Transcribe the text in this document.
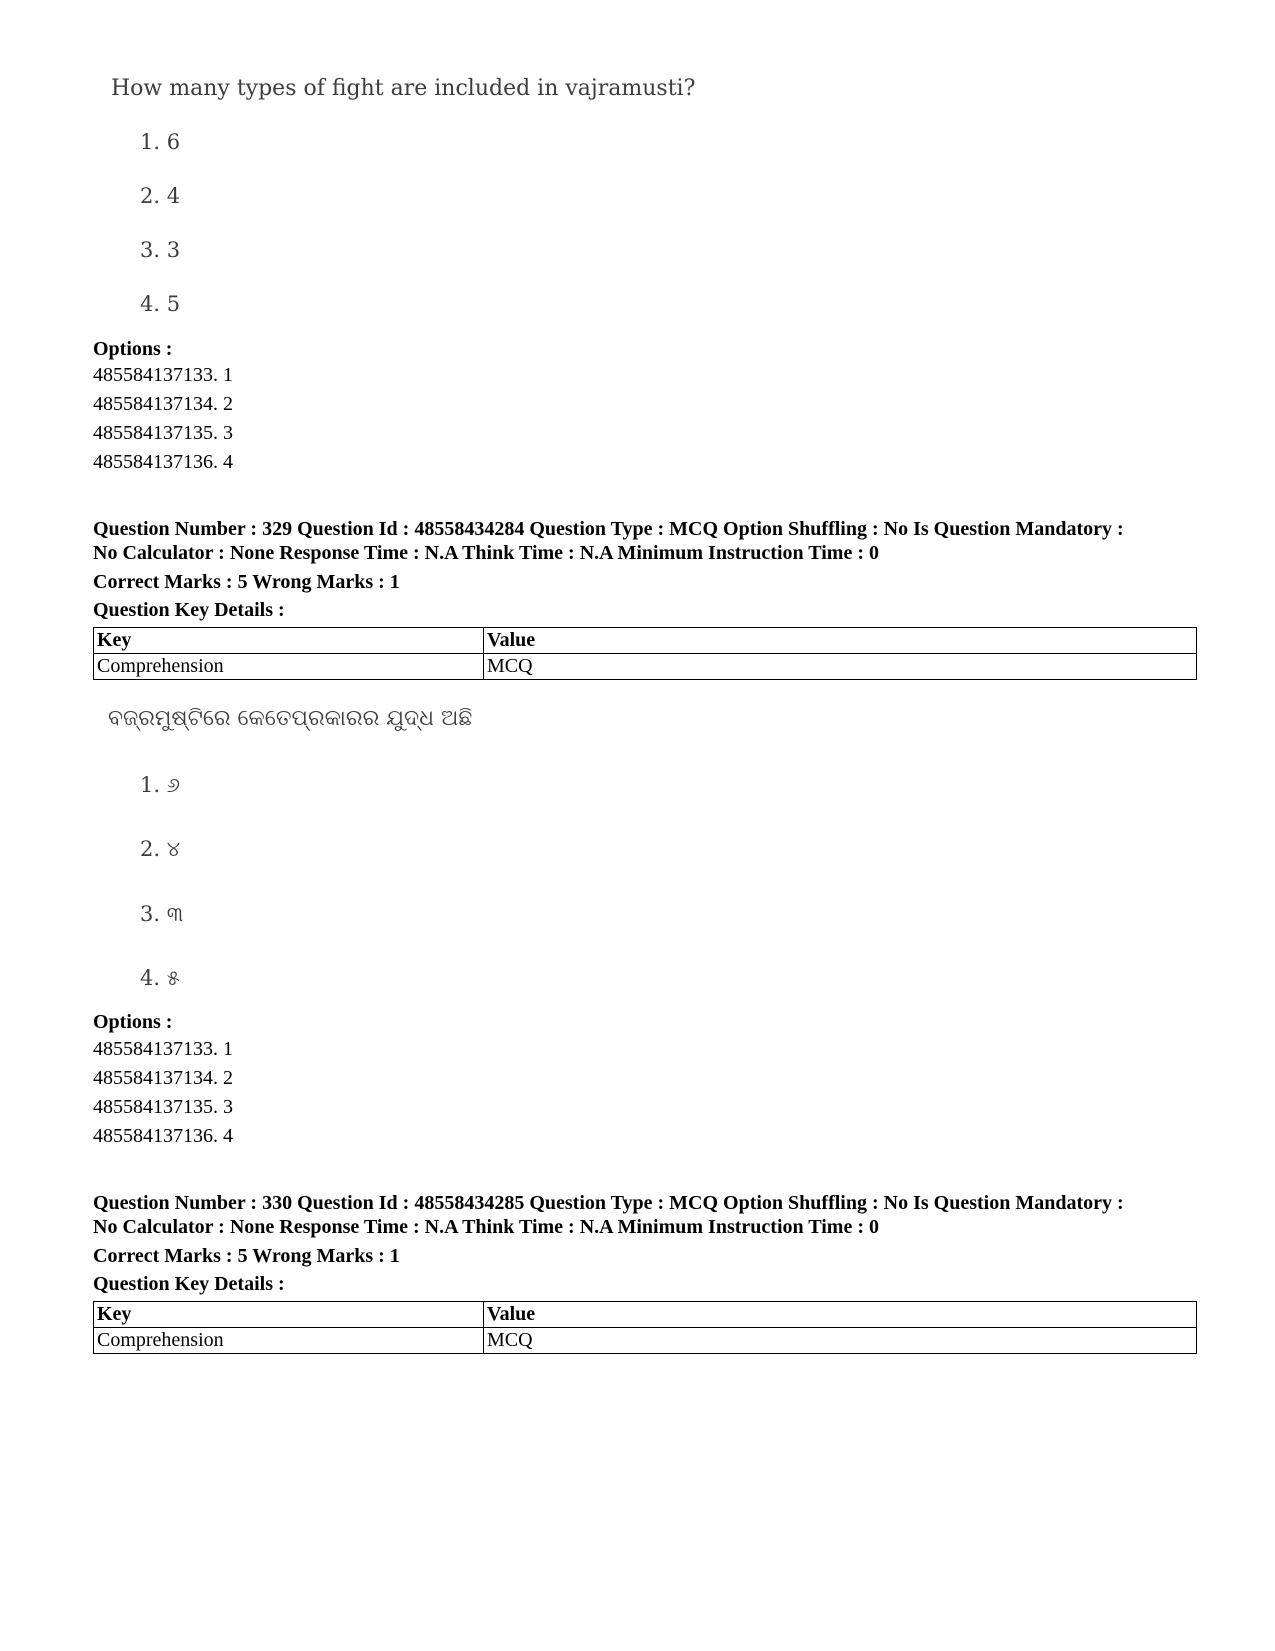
How many types of fight are included in vajramusti?
1. 6
2. 4
3. 3
4. 5
Options :
485584137133. 1
485584137134. 2
485584137135. 3
485584137136. 4
Question Number : 329 Question Id : 48558434284 Question Type : MCQ Option Shuffling : No Is Question Mandatory :
No Calculator : None Response Time : N.A Think Time : N.A Minimum Instruction Time : 0
Correct Marks : 5 Wrong Marks : 1
Question Key Details :
Key	Value
Comprehension	MCQ
ବଜ୍ରମୁଷ୍ଟିରେ କେତେପ୍ରକାରର ଯୁଦ୍ଧ ଅଛି
1. ୬
2. ୪
3. ୩
4. ୫
Options :
485584137133. 1
485584137134. 2
485584137135. 3
485584137136. 4
Question Number : 330 Question Id : 48558434285 Question Type : MCQ Option Shuffling : No Is Question Mandatory :
No Calculator : None Response Time : N.A Think Time : N.A Minimum Instruction Time : 0
Correct Marks : 5 Wrong Marks : 1
Question Key Details :
Key	Value
Comprehension	MCQ
